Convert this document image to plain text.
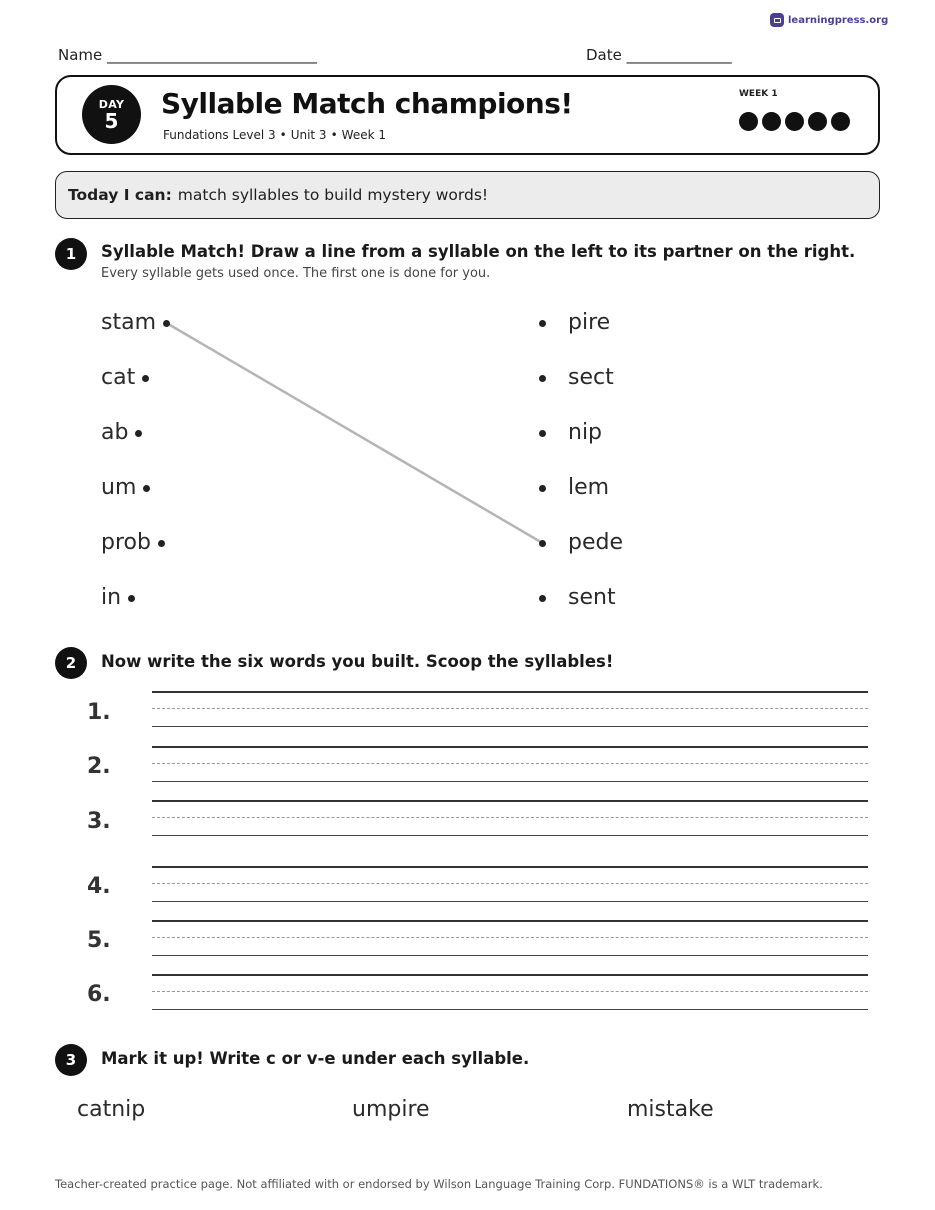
learningpress.org
Name ____________________________	Date ______________
DAY
5
Syllable Match champions!
Fundations Level 3 • Unit 3 • Week 1
WEEK 1
Today I can: match syllables to build mystery words!
1	Syllable Match! Draw a line from a syllable on the left to its partner on the right.
Every syllable gets used once. The first one is done for you.
stam
cat
ab
um
prob
in
pire
sect
nip
lem
pede
sent
2	Now write the six words you built. Scoop the syllables!
1.
2.
3.
4.
5.
6.
3	Mark it up! Write c or v-e under each syllable.
catnip	umpire	mistake
Teacher-created practice page. Not affiliated with or endorsed by Wilson Language Training Corp. FUNDATIONS® is a WLT trademark.
